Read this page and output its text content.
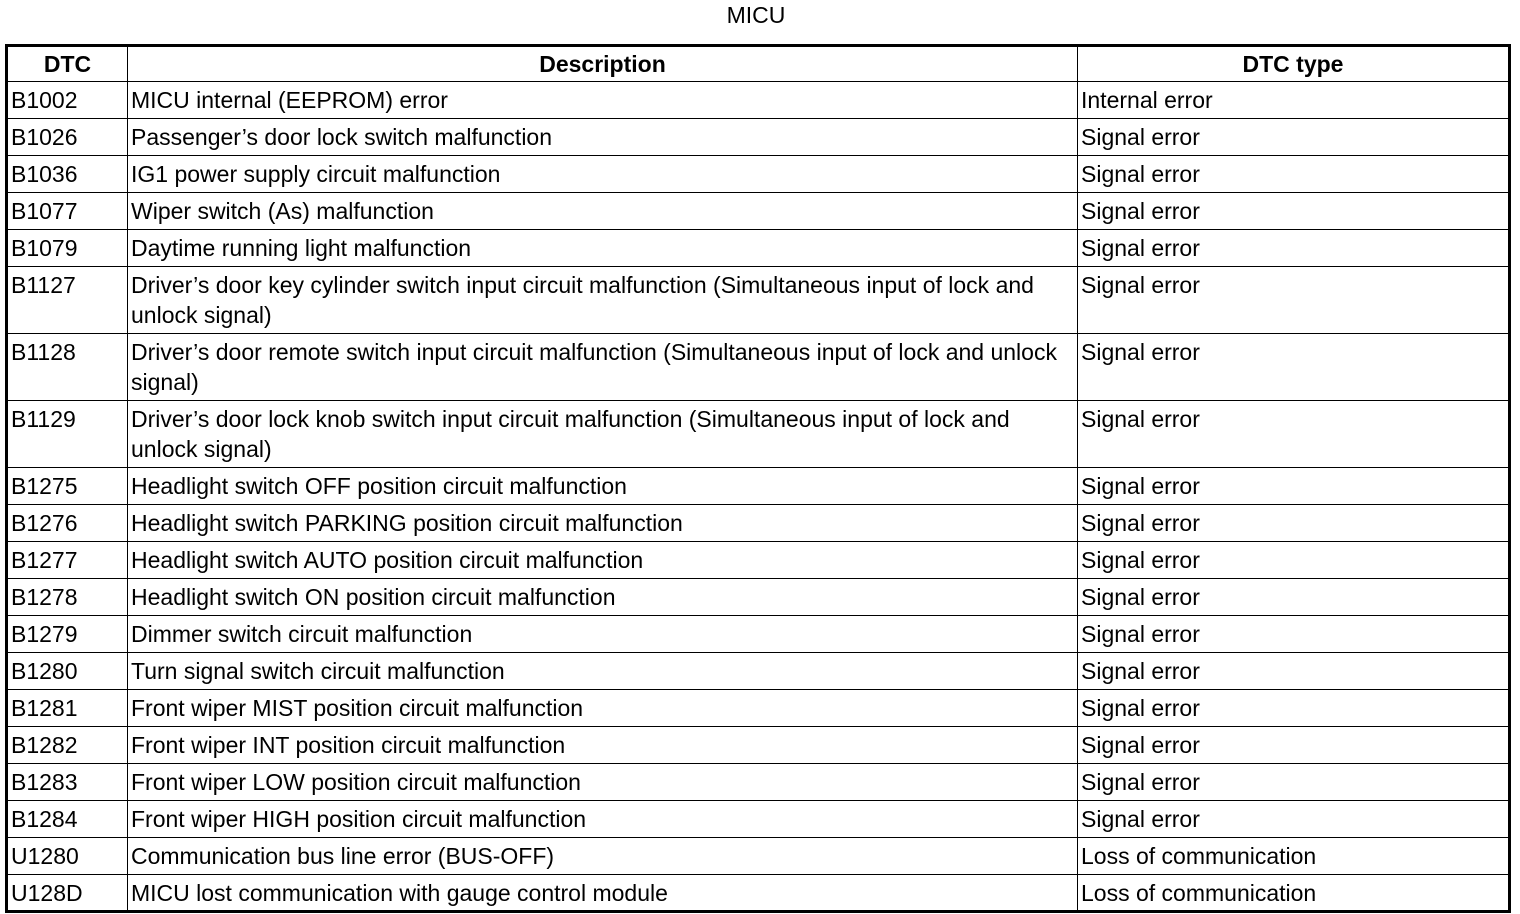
MICU
DTC	Description	DTC type
B1002	MICU internal (EEPROM) error	Internal error
B1026	Passenger’s door lock switch malfunction	Signal error
B1036	IG1 power supply circuit malfunction	Signal error
B1077	Wiper switch (As) malfunction	Signal error
B1079	Daytime running light malfunction	Signal error
B1127	Driver’s door key cylinder switch input circuit malfunction (Simultaneous input of lock and unlock signal)	Signal error
B1128	Driver’s door remote switch input circuit malfunction (Simultaneous input of lock and unlock signal)	Signal error
B1129	Driver’s door lock knob switch input circuit malfunction (Simultaneous input of lock and unlock signal)	Signal error
B1275	Headlight switch OFF position circuit malfunction	Signal error
B1276	Headlight switch PARKING position circuit malfunction	Signal error
B1277	Headlight switch AUTO position circuit malfunction	Signal error
B1278	Headlight switch ON position circuit malfunction	Signal error
B1279	Dimmer switch circuit malfunction	Signal error
B1280	Turn signal switch circuit malfunction	Signal error
B1281	Front wiper MIST position circuit malfunction	Signal error
B1282	Front wiper INT position circuit malfunction	Signal error
B1283	Front wiper LOW position circuit malfunction	Signal error
B1284	Front wiper HIGH position circuit malfunction	Signal error
U1280	Communication bus line error (BUS-OFF)	Loss of communication
U128D	MICU lost communication with gauge control module	Loss of communication
